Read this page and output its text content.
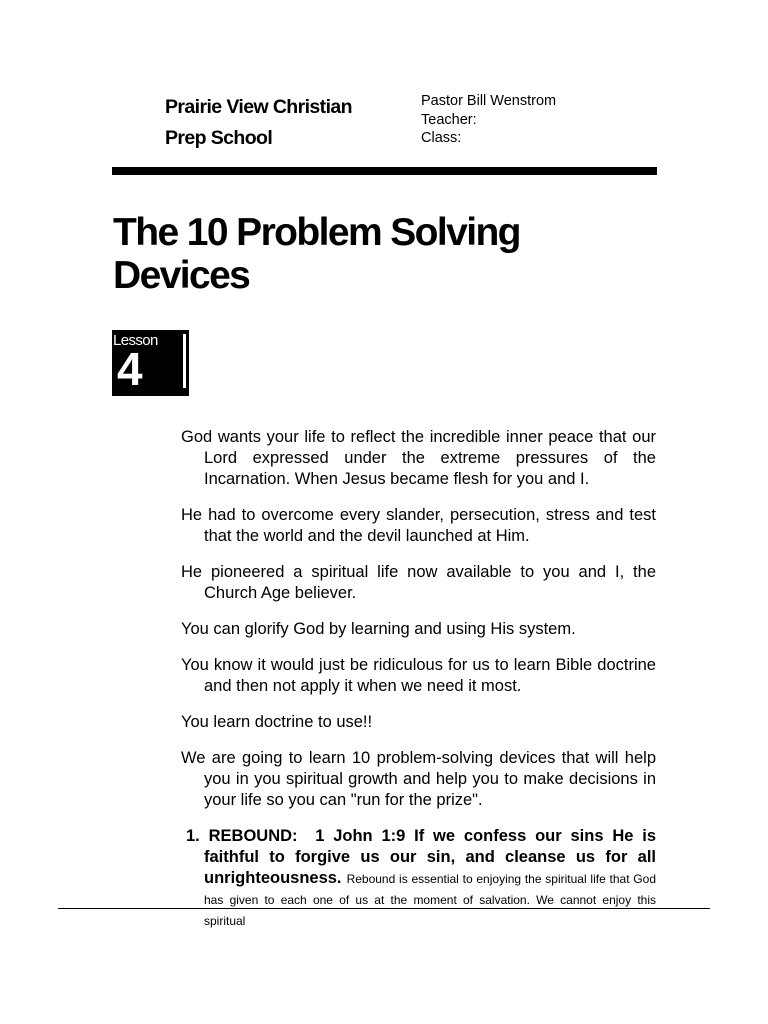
Prairie View Christian
Prep School
Pastor Bill Wenstrom
Teacher:
Class:
The 10 Problem Solving
Devices
Lesson
4

God wants your life to reflect the incredible inner peace that our Lord expressed under the extreme pressures of the Incarnation. When Jesus became flesh for you and I.

He had to overcome every slander, persecution, stress and test that the world and the devil launched at Him.

He pioneered a spiritual life now available to you and I, the Church Age believer.

You can glorify God by learning and using His system.

You know it would just be ridiculous for us to learn Bible doctrine and then not apply it when we need it most.

You learn doctrine to use!!

We are going to learn 10 problem-solving devices that will help you in you spiritual growth and help you to make decisions in your life so you can "run for the prize".

1. REBOUND: 1 John 1:9 If we confess our sins He is faithful to forgive us our sin, and cleanse us for all unrighteousness. Rebound is essential to enjoying the spiritual life that God has given to each one of us at the moment of salvation. We cannot enjoy this spiritual
